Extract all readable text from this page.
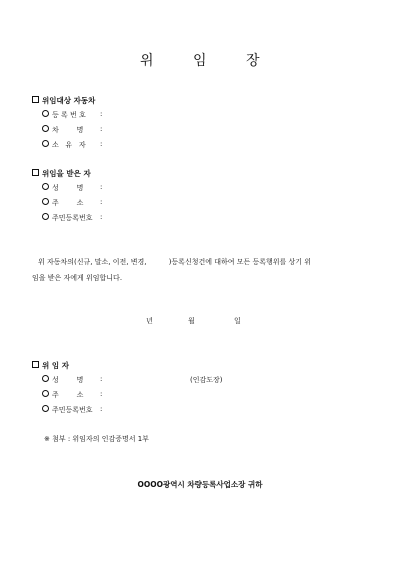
위 임 장
위임대상 자동차
등 록 번 호 :
차        명 :
소   유   자 :
위임을 받은 자
성        명 :
주        소 :
주민등록번호 :
위 자동차의(신규, 말소, 이전, 변경,          )등록신청건에 대하여 모든 등록행위를 상기 위
임을 받은 자에게 위임합니다.
년	월	일
위 임 자
성        명 :	(인감도장)
주        소 :
주민등록번호 :
※ 첨부 : 위임자의 인감증명서 1부
OOOO광역시 차량등록사업소장 귀하
